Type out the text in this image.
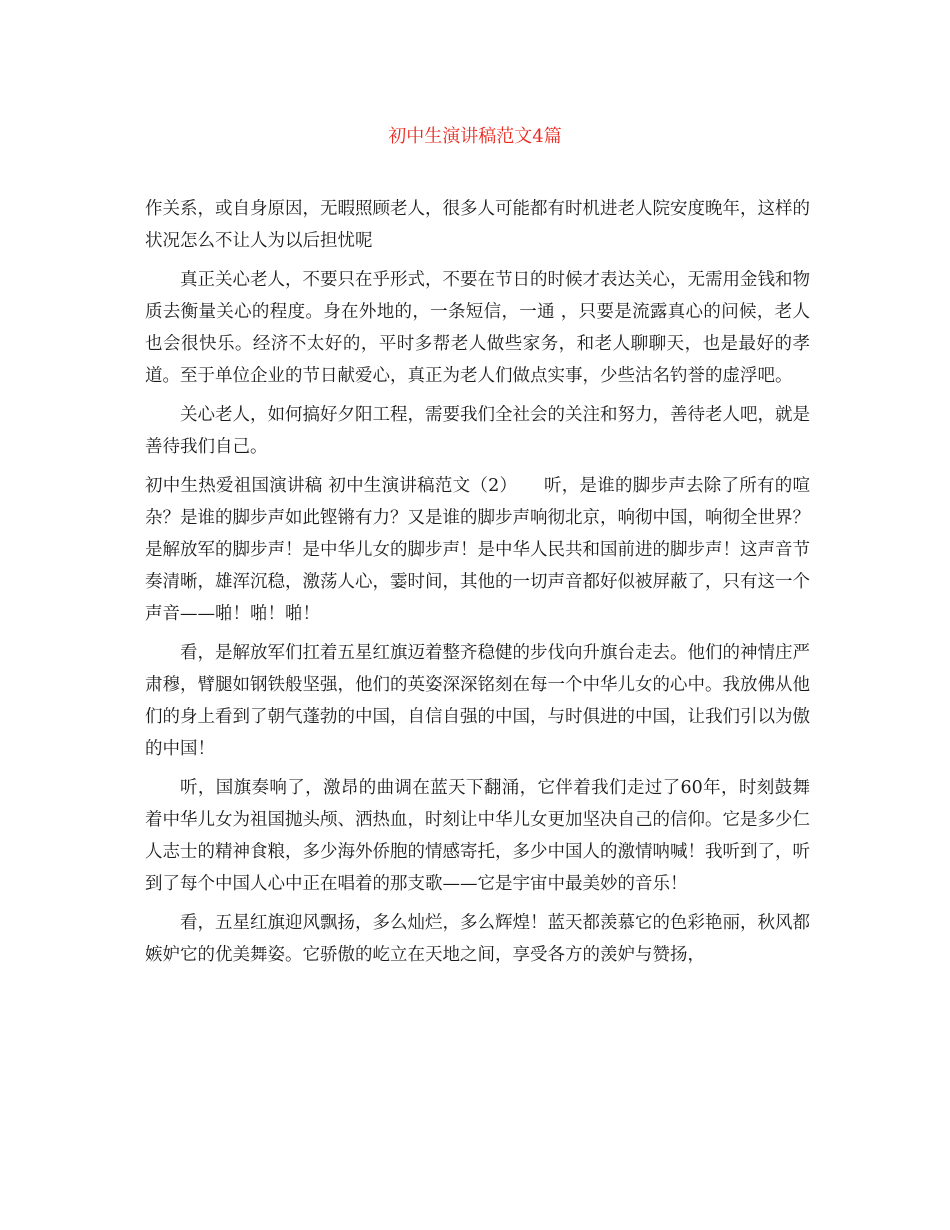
初中生演讲稿范文4篇

作关系，或自身原因，无暇照顾老人，很多人可能都有时机进老人院安度晚年，这样的状况怎么不让人为以后担忧呢

真正关心老人，不要只在乎形式，不要在节日的时候才表达关心，无需用金钱和物质去衡量关心的程度。身在外地的，一条短信，一通 ，只要是流露真心的问候，老人也会很快乐。经济不太好的，平时多帮老人做些家务，和老人聊聊天，也是最好的孝道。至于单位企业的节日献爱心，真正为老人们做点实事，少些沽名钓誉的虚浮吧。

关心老人，如何搞好夕阳工程，需要我们全社会的关注和努力，善待老人吧，就是善待我们自己。

初中生热爱祖国演讲稿 初中生演讲稿范文（2）　　听，是谁的脚步声去除了所有的喧杂？是谁的脚步声如此铿锵有力？又是谁的脚步声响彻北京，响彻中国，响彻全世界？是解放军的脚步声！是中华儿女的脚步声！是中华人民共和国前进的脚步声！这声音节奏清晰，雄浑沉稳，激荡人心，霎时间，其他的一切声音都好似被屏蔽了，只有这一个声音——啪！啪！啪！

看，是解放军们扛着五星红旗迈着整齐稳健的步伐向升旗台走去。他们的神情庄严肃穆，臂腿如钢铁般坚强，他们的英姿深深铭刻在每一个中华儿女的心中。我放佛从他们的身上看到了朝气蓬勃的中国，自信自强的中国，与时俱进的中国，让我们引以为傲的中国！

听，国旗奏响了，激昂的曲调在蓝天下翻涌，它伴着我们走过了60年，时刻鼓舞着中华儿女为祖国抛头颅、洒热血，时刻让中华儿女更加坚决自己的信仰。它是多少仁人志士的精神食粮，多少海外侨胞的情感寄托，多少中国人的激情呐喊！我听到了，听到了每个中国人心中正在唱着的那支歌——它是宇宙中最美妙的音乐！

看，五星红旗迎风飘扬，多么灿烂，多么辉煌！蓝天都羡慕它的色彩艳丽，秋风都嫉妒它的优美舞姿。它骄傲的屹立在天地之间，享受各方的羡妒与赞扬，
